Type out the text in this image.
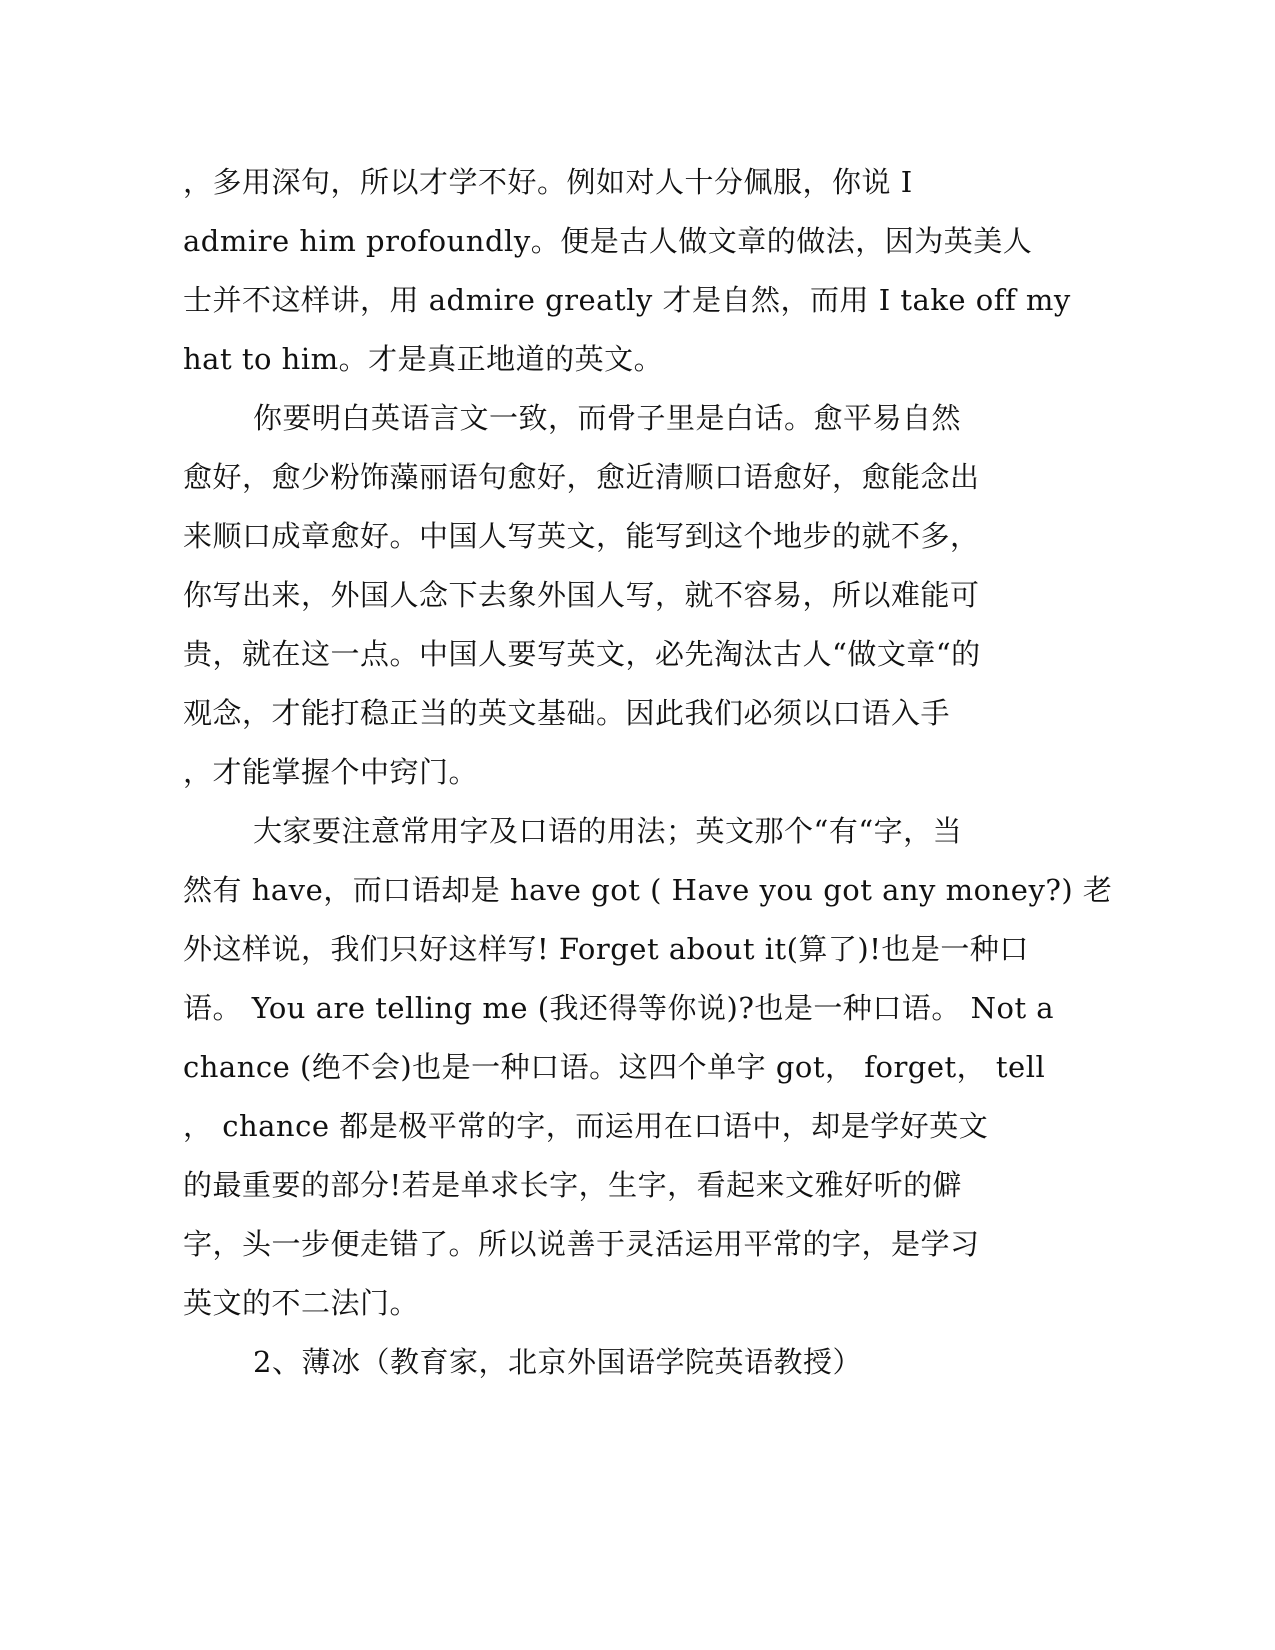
，多用深句，所以才学不好。例如对人十分佩服，你说 I
admire him profoundly。便是古人做文章的做法，因为英美人
士并不这样讲，用 admire greatly 才是自然，而用 I take off my
hat to him。才是真正地道的英文。
你要明白英语言文一致，而骨子里是白话。愈平易自然
愈好，愈少粉饰藻丽语句愈好，愈近清顺口语愈好，愈能念出
来顺口成章愈好。中国人写英文，能写到这个地步的就不多，
你写出来，外国人念下去象外国人写，就不容易，所以难能可
贵，就在这一点。中国人要写英文，必先淘汰古人“做文章“的
观念，才能打稳正当的英文基础。因此我们必须以口语入手
，才能掌握个中窍门。
大家要注意常用字及口语的用法；英文那个“有“字，当
然有 have，而口语却是 have got ( Have you got any money?) 老
外这样说，我们只好这样写! Forget about it(算了)!也是一种口
语。 You are telling me (我还得等你说)?也是一种口语。 Not a
chance (绝不会)也是一种口语。这四个单字 got， forget， tell
， chance 都是极平常的字，而运用在口语中，却是学好英文
的最重要的部分!若是单求长字，生字，看起来文雅好听的僻
字，头一步便走错了。所以说善于灵活运用平常的字，是学习
英文的不二法门。
2、薄冰（教育家，北京外国语学院英语教授）
